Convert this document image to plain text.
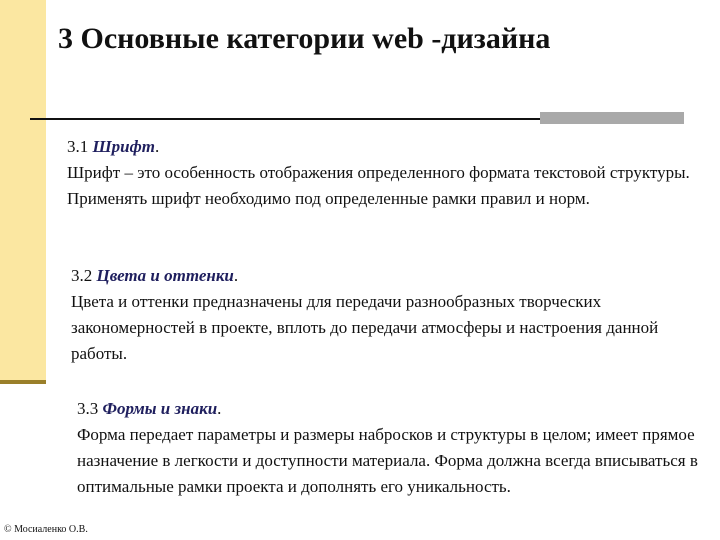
3 Основные категории web -дизайна

3.1 Шрифт.

Шрифт – это особенность отображения определенного формата текстовой структуры. Применять шрифт необходимо под определенные рамки правил и норм.

3.2 Цвета и оттенки.

Цвета и оттенки предназначены для передачи разнообразных творческих закономерностей в проекте, вплоть до передачи атмосферы и настроения данной работы.

3.3 Формы и знаки.

Форма передает параметры и размеры набросков и структуры в целом; имеет прямое назначение в легкости и доступности материала. Форма должна всегда вписываться в оптимальные рамки проекта и дополнять его уникальность.

© Мосиаленко О.В.
